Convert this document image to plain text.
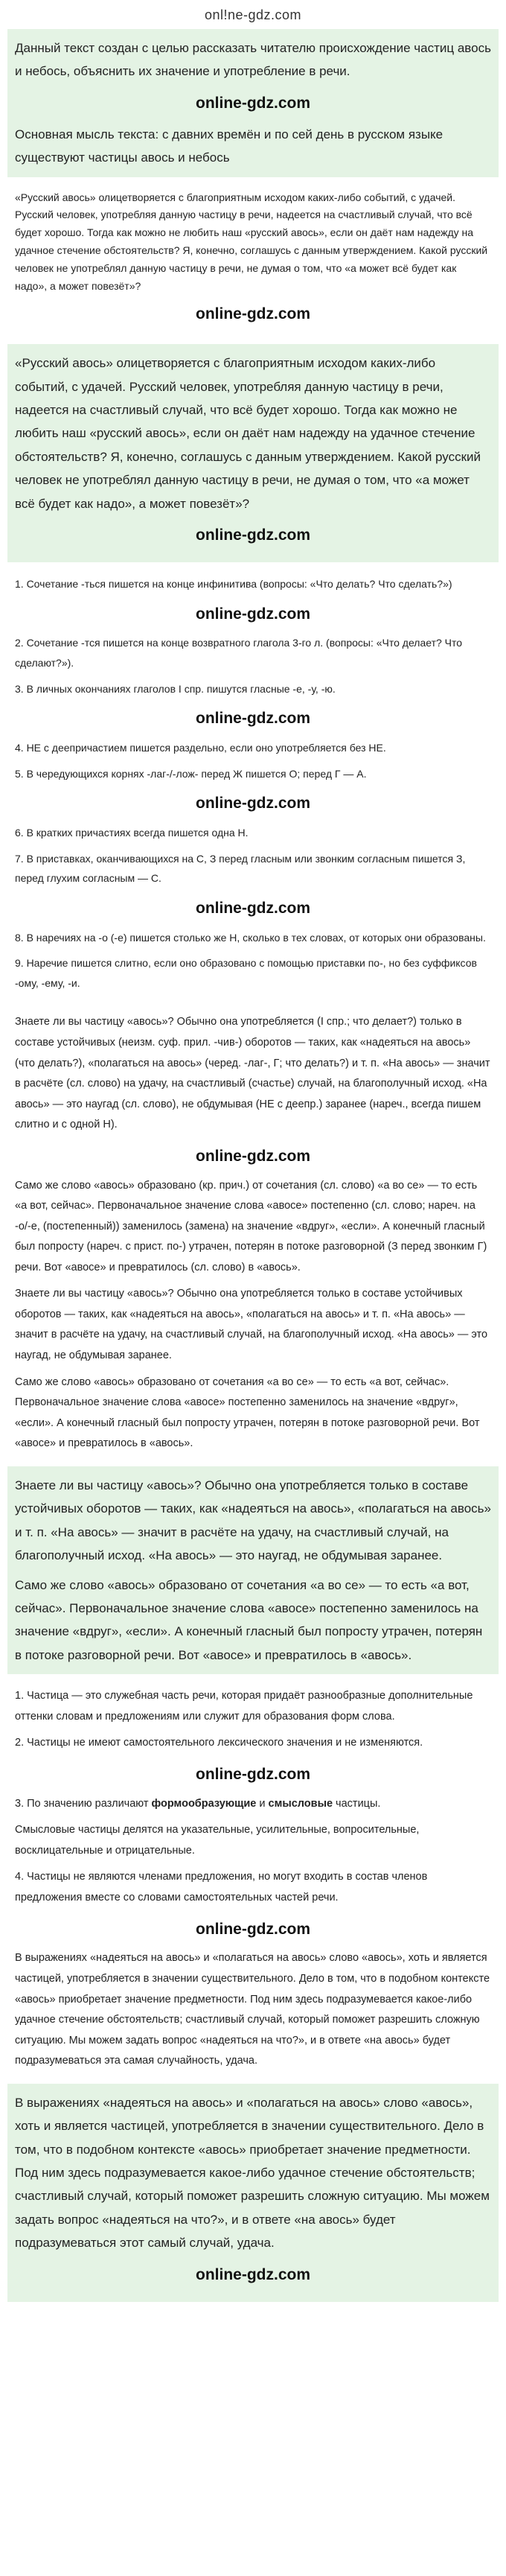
onl!ne-gdz.com

Данный текст создан с целью рассказать читателю происхождение частиц авось и небось, объяснить их значение и употребление в речи.

online-gdz.com

Основная мысль текста: с давних времён и по сей день в русском языке существуют частицы авось и небось

«Русский авось» олицетворяется с благоприятным исходом каких-либо событий, с удачей. Русский человек, употребляя данную частицу в речи, надеется на счастливый случай, что всё будет хорошо. Тогда как можно не любить наш «русский авось», если он даёт нам надежду на удачное стечение обстоятельств? Я, конечно, соглашусь с данным утверждением. Какой русский человек не употреблял данную частицу в речи, не думая о том, что «а может всё будет как надо», а может повезёт»?

online-gdz.com

«Русский авось» олицетворяется с благоприятным исходом каких-либо событий, с удачей. Русский человек, употребляя данную частицу в речи, надеется на счастливый случай, что всё будет хорошо. Тогда как можно не любить наш «русский авось», если он даёт нам надежду на удачное стечение обстоятельств? Я, конечно, соглашусь с данным утверждением. Какой русский человек не употреблял данную частицу в речи, не думая о том, что «а может всё будет как надо», а может повезёт»?

online-gdz.com

1. Сочетание -ться пишется на конце инфинитива (вопросы: «Что делать? Что сделать?»)

online-gdz.com

2. Сочетание -тся пишется на конце возвратного глагола 3-го л. (вопросы: «Что делает? Что сделают?»).

3. В личных окончаниях глаголов I спр. пишутся гласные -е, -у, -ю.

online-gdz.com

4. НЕ с деепричастием пишется раздельно, если оно употребляется без НЕ.

5. В чередующихся корнях -лаг-/-лож- перед Ж пишется О; перед Г — А.

online-gdz.com

6. В кратких причастиях всегда пишется одна Н.

7. В приставках, оканчивающихся на С, З перед гласным или звонким согласным пишется З, перед глухим согласным — С.

online-gdz.com

8. В наречиях на -о (-е) пишется столько же Н, сколько в тех словах, от которых они образованы.

9. Наречие пишется слитно, если оно образовано с помощью приставки по-, но без суффиксов -ому, -ему, -и.

Знаете ли вы частицу «авось»? Обычно она употребляется (I спр.; что делает?) только в составе устойчивых (неизм. суф. прил. -чив-) оборотов — таких, как «надеяться на авось» (что делать?), «полагаться на авось» (черед. -лаг-, Г; что делать?) и т. п. «На авось» — значит в расчёте (сл. слово) на удачу, на счастливый (счастье) случай, на благополучный исход. «На авось» — это наугад (сл. слово), не обдумывая (НЕ с деепр.) заранее (нареч., всегда пишем слитно и с одной Н).

online-gdz.com

Само же слово «авось» образовано (кр. прич.) от сочетания (сл. слово) «а во се» — то есть «а вот, сейчас». Первоначальное значение слова «авосе» постепенно (сл. слово; нареч. на -о/-е, (постепенный)) заменилось (замена) на значение «вдруг», «если». А конечный гласный был попросту (нареч. с прист. по-) утрачен, потерян в потоке разговорной (З перед звонким Г) речи. Вот «авосе» и превратилось (сл. слово) в «авось».

Знаете ли вы частицу «авось»? Обычно она употребляется только в составе устойчивых оборотов — таких, как «надеяться на авось», «полагаться на авось» и т. п. «На авось» — значит в расчёте на удачу, на счастливый случай, на благополучный исход. «На авось» — это наугад, не обдумывая заранее.

Само же слово «авось» образовано от сочетания «а во се» — то есть «а вот, сейчас». Первоначальное значение слова «авосе» постепенно заменилось на значение «вдруг», «если». А конечный гласный был попросту утрачен, потерян в потоке разговорной речи. Вот «авосе» и превратилось в «авось».

Знаете ли вы частицу «авось»? Обычно она употребляется только в составе устойчивых оборотов — таких, как «надеяться на авось», «полагаться на авось» и т. п. «На авось» — значит в расчёте на удачу, на счастливый случай, на благополучный исход. «На авось» — это наугад, не обдумывая заранее.

Само же слово «авось» образовано от сочетания «а во се» — то есть «а вот, сейчас». Первоначальное значение слова «авосе» постепенно заменилось на значение «вдруг», «если». А конечный гласный был попросту утрачен, потерян в потоке разговорной речи. Вот «авосе» и превратилось в «авось».

1. Частица — это служебная часть речи, которая придаёт разнообразные дополнительные оттенки словам и предложениям или служит для образования форм слова.

2. Частицы не имеют самостоятельного лексического значения и не изменяются.

online-gdz.com

3. По значению различают формообразующие и смысловые частицы.

Смысловые частицы делятся на указательные, усилительные, вопросительные, восклицательные и отрицательные.

4. Частицы не являются членами предложения, но могут входить в состав членов предложения вместе со словами самостоятельных частей речи.

online-gdz.com

В выражениях «надеяться на авось» и «полагаться на авось» слово «авось», хоть и является частицей, употребляется в значении существительного. Дело в том, что в подобном контексте «авось» приобретает значение предметности. Под ним здесь подразумевается какое-либо удачное стечение обстоятельств; счастливый случай, который поможет разрешить сложную ситуацию. Мы можем задать вопрос «надеяться на что?», и в ответе «на авось» будет подразумеваться эта самая случайность, удача.

В выражениях «надеяться на авось» и «полагаться на авось» слово «авось», хоть и является частицей, употребляется в значении существительного. Дело в том, что в подобном контексте «авось» приобретает значение предметности. Под ним здесь подразумевается какое-либо удачное стечение обстоятельств; счастливый случай, который поможет разрешить сложную ситуацию. Мы можем задать вопрос «надеяться на что?», и в ответе «на авось» будет подразумеваться этот самый случай, удача.

online-gdz.com
